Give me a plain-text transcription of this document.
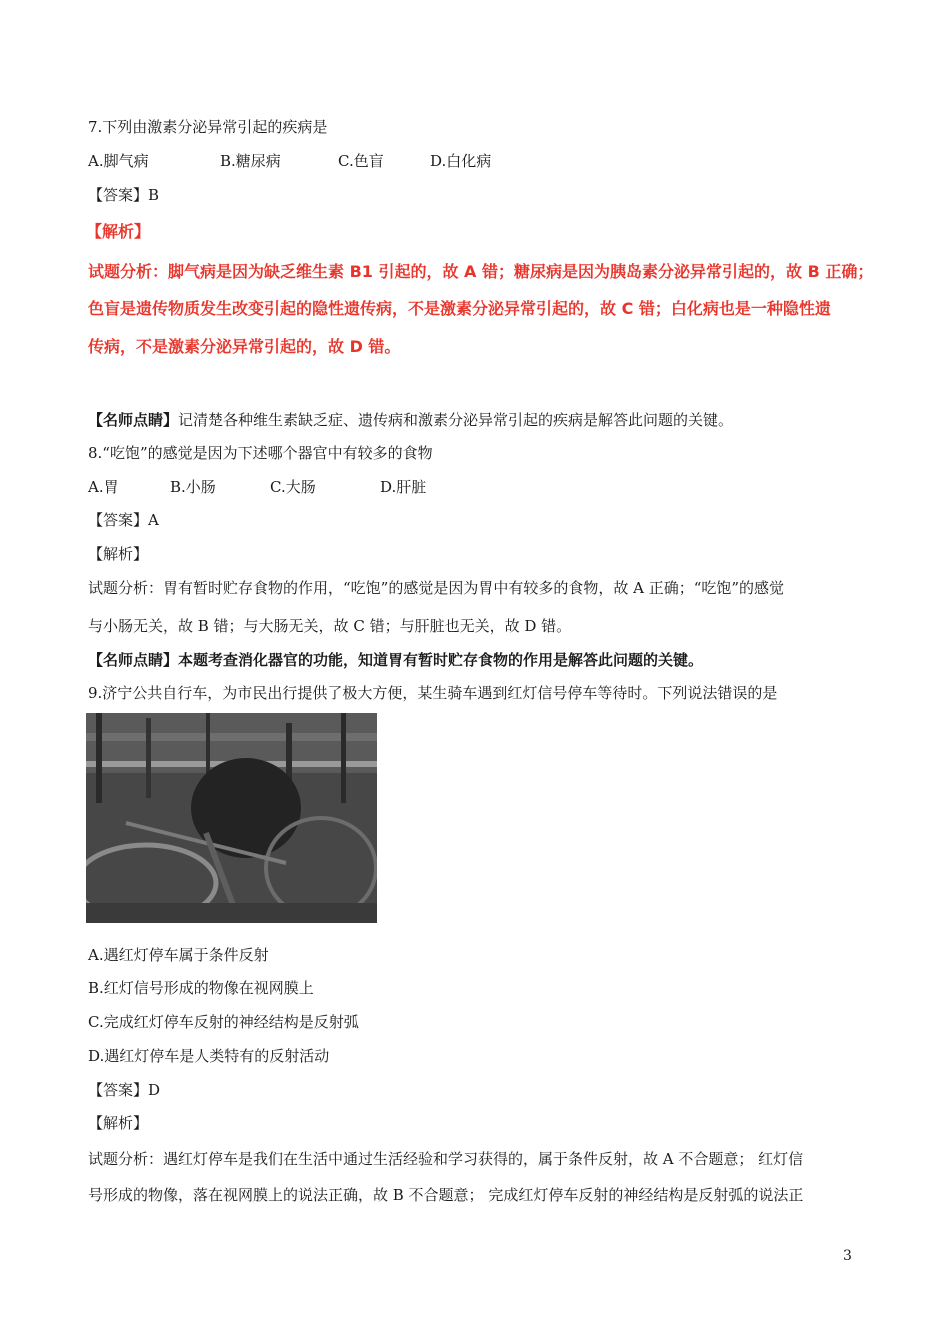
7.下列由激素分泌异常引起的疾病是
A.脚气病	B.糖尿病	C.色盲	D.白化病
【答案】B
【解析】
试题分析：脚气病是因为缺乏维生素 B1 引起的，故 A 错；糖尿病是因为胰岛素分泌异常引起的，故 B 正确；
色盲是遗传物质发生改变引起的隐性遗传病，不是激素分泌异常引起的，故 C 错；白化病也是一种隐性遗
传病，不是激素分泌异常引起的，故 D 错。
【名师点睛】记清楚各种维生素缺乏症、遗传病和激素分泌异常引起的疾病是解答此问题的关键。
8.“吃饱”的感觉是因为下述哪个器官中有较多的食物
A.胃	B.小肠	C.大肠	D.肝脏
【答案】A
【解析】
试题分析：胃有暂时贮存食物的作用，“吃饱”的感觉是因为胃中有较多的食物，故 A 正确；“吃饱”的感觉
与小肠无关，故 B 错；与大肠无关，故 C 错；与肝脏也无关，故 D 错。
【名师点睛】本题考查消化器官的功能，知道胃有暂时贮存食物的作用是解答此问题的关键。
9.济宁公共自行车，为市民出行提供了极大方便，某生骑车遇到红灯信号停车等待时。下列说法错误的是
A.遇红灯停车属于条件反射
B.红灯信号形成的物像在视网膜上
C.完成红灯停车反射的神经结构是反射弧
D.遇红灯停车是人类特有的反射活动
【答案】D
【解析】
试题分析：遇红灯停车是我们在生活中通过生活经验和学习获得的，属于条件反射，故 A 不合题意； 红灯信
号形成的物像，落在视网膜上的说法正确，故 B 不合题意； 完成红灯停车反射的神经结构是反射弧的说法正
3
